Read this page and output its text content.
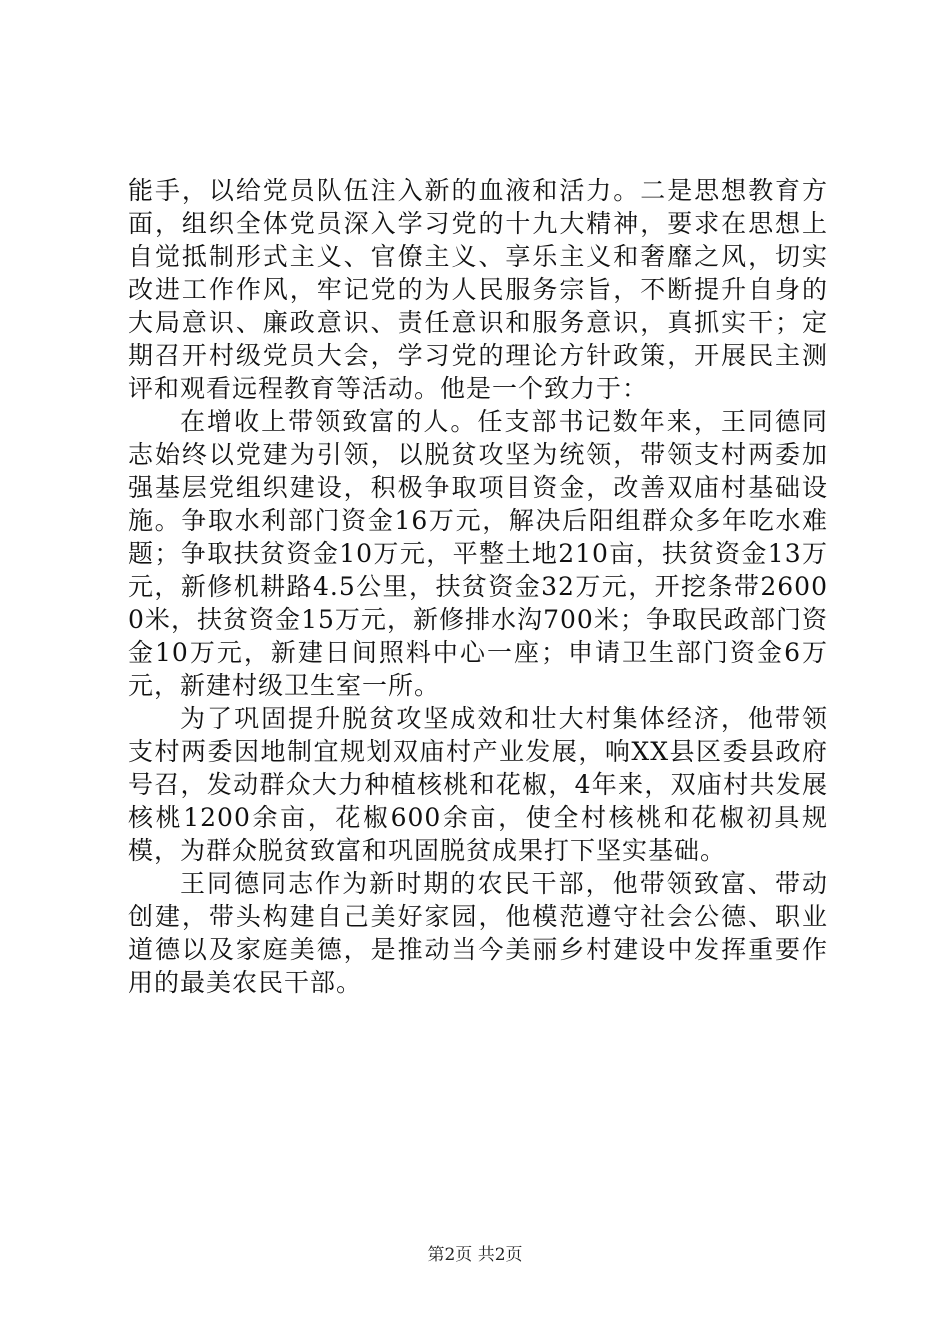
能手，以给党员队伍注入新的血液和活力。二是思想教育方面，组织全体党员深入学习党的十九大精神，要求在思想上自觉抵制形式主义、官僚主义、享乐主义和奢靡之风，切实改进工作作风，牢记党的为人民服务宗旨，不断提升自身的大局意识、廉政意识、责任意识和服务意识，真抓实干；定期召开村级党员大会，学习党的理论方针政策，开展民主测评和观看远程教育等活动。他是一个致力于：

在增收上带领致富的人。任支部书记数年来，王同德同志始终以党建为引领，以脱贫攻坚为统领，带领支村两委加强基层党组织建设，积极争取项目资金，改善双庙村基础设施。争取水利部门资金16万元，解决后阳组群众多年吃水难题；争取扶贫资金10万元，平整土地210亩，扶贫资金13万元，新修机耕路4.5公里，扶贫资金32万元，开挖条带26000米，扶贫资金15万元，新修排水沟700米；争取民政部门资金10万元，新建日间照料中心一座；申请卫生部门资金6万元，新建村级卫生室一所。

为了巩固提升脱贫攻坚成效和壮大村集体经济，他带领支村两委因地制宜规划双庙村产业发展，响XX县区委县政府号召，发动群众大力种植核桃和花椒，4年来，双庙村共发展核桃1200余亩，花椒600余亩，使全村核桃和花椒初具规模，为群众脱贫致富和巩固脱贫成果打下坚实基础。

王同德同志作为新时期的农民干部，他带领致富、带动创建，带头构建自己美好家园，他模范遵守社会公德、职业道德以及家庭美德，是推动当今美丽乡村建设中发挥重要作用的最美农民干部。

第2页 共2页
